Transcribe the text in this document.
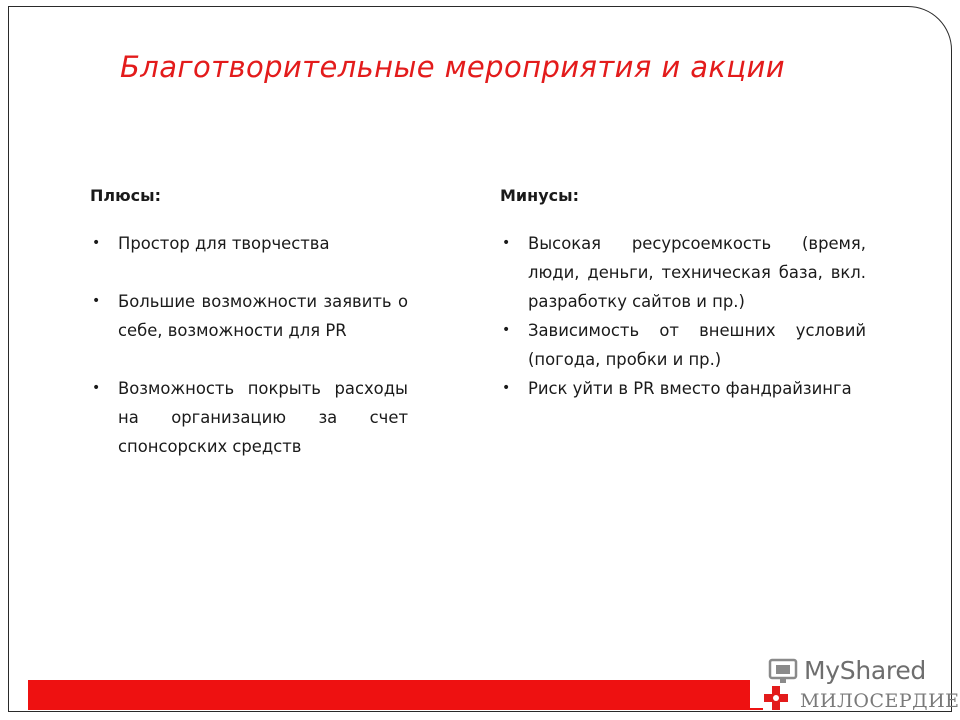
Благотворительные мероприятия и акции
Плюсы:
• Простор для творчества
• Большие возможности заявить о себе, возможности для PR
• Возможность покрыть расходы на организацию за счет спонсорских средств
Минусы:
• Высокая ресурсоемкость (время, люди, деньги, техническая база, вкл. разработку сайтов и пр.)
• Зависимость от внешних условий (погода, пробки и пр.)
• Риск уйти в PR вместо фандрайзинга
MyShared
МИЛОСЕРДИЕ
